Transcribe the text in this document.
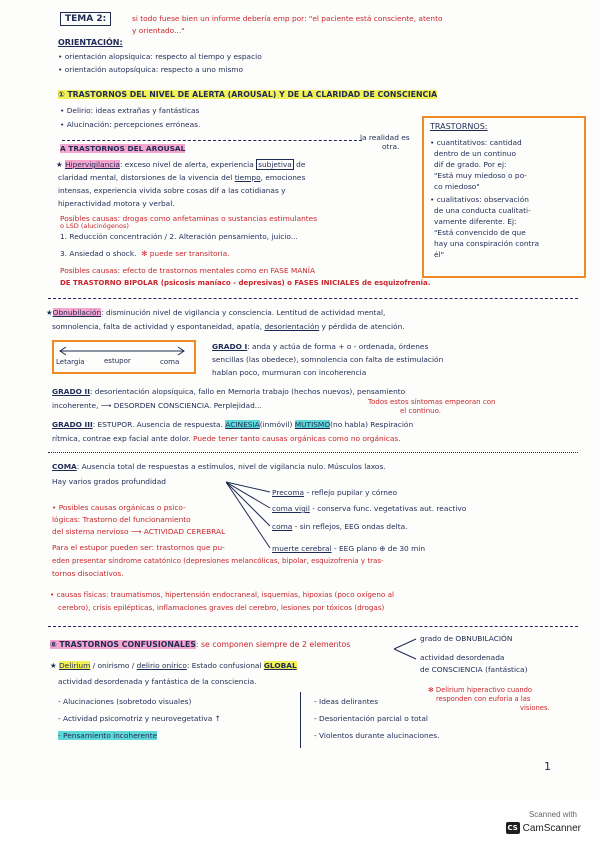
TEMA 2:	si todo fuese bien un informe debería emp por: "el paciente está consciente, atento
ORIENTACIÓN:
y orientado..."
• orientación alopsíquica: respecto al tiempo y espacio
• orientación autopsíquica: respecto a uno mismo
① TRASTORNOS DEL NIVEL DE ALERTA (AROUSAL) Y DE LA CLARIDAD DE CONSCIENCIA
• Delirio: ideas extrañas y fantásticas
• Alucinación: percepciones erróneas.
la realidad es
otra.
A TRASTORNOS DEL AROUSAL
★ Hipervigilancia: exceso nivel de alerta, experiencia subjetiva de
claridad mental, distorsiones de la vivencia del tiempo, emociones
intensas, experiencia vivida sobre cosas dif a las cotidianas y
hiperactividad motora y verbal.
Posibles causas: drogas como anfetaminas o sustancias estimulantes
o LSD (alucinógenos)
1. Reducción concentración / 2. Alteración pensamiento, juicio...
3. Ansiedad o shock. ✻ puede ser transitoria.
Posibles causas: efecto de trastornos mentales como en FASE MANÍA
DE TRASTORNO BIPOLAR (psicosis maníaco - depresivas) o FASES INICIALES de esquizofrenia.
TRASTORNOS:
• cuantitativos: cantidad
dentro de un continuo
dif de grado. Por ej:
"Está muy miedoso o po-
co miedoso"
• cualitativos: observación
de una conducta cualitati-
vamente diferente. Ej:
"Está convencido de que
hay una conspiración contra
él"
★Obnubilación: disminución nivel de vigilancia y consciencia. Lentitud de actividad mental,
somnolencia, falta de actividad y espontaneidad, apatía, desorientación y pérdida de atención.
Letargia	estupor	coma
GRADO I: anda y actúa de forma + o - ordenada, órdenes
sencillas (las obedece), somnolencia con falta de estimulación
hablan poco, murmuran con incoherencia
GRADO II: desorientación alopsíquica, fallo en Memoria trabajo (hechos nuevos), pensamiento
incoherente, ⟶ DESORDEN CONSCIENCIA. Perplejidad...	Todos estos síntomas empeoran con
el continuo.
GRADO III: ESTUPOR. Ausencia de respuesta. ACINESIA(inmóvil) MUTISMO(no habla) Respiración
rítmica, contrae exp facial ante dolor. Puede tener tanto causas orgánicas como no orgánicas.
COMA: Ausencia total de respuestas a estímulos, nivel de vigilancia nulo. Músculos laxos.
Hay varios grados profundidad
Precoma - reflejo pupilar y córneo
coma vigil - conserva func. vegetativas aut. reactivo
coma - sin reflejos, EEG ondas delta.
muerte cerebral - EEG plano ⊕ de 30 min
• Posibles causas orgánicas o psico-
lógicas: Trastorno del funcionamiento
del sistema nervioso ⟶ ACTIVIDAD CEREBRAL
Para el estupor pueden ser: trastornos que pu-
eden presentar síndrome catatónico (depresiones melancólicas, bipolar, esquizofrenia y tras-
tornos disociativos.
• causas físicas: traumatismos, hipertensión endocraneal, isquemias, hipoxias (poco oxígeno al
cerebro), crisis epilépticas, inflamaciones graves del cerebro, lesiones por tóxicos (drogas)
⑧ TRASTORNOS CONFUSIONALES: se componen siempre de 2 elementos
grado de OBNUBILACIÓN
actividad desordenada
de CONSCIENCIA (fantástica)
★ Delirium / onirismo / delirio onírico: Estado confusional GLOBAL
actividad desordenada y fantástica de la consciencia.
✻ Delirium hiperactivo cuando
responden con euforia a las
visiones.
- Alucinaciones (sobretodo visuales)
- Actividad psicomotriz y neurovegetativa ↑
- Pensamiento incoherente
- Ideas delirantes
- Desorientación parcial o total
- Violentos durante alucinaciones.
1
Scanned with
CS CamScanner
